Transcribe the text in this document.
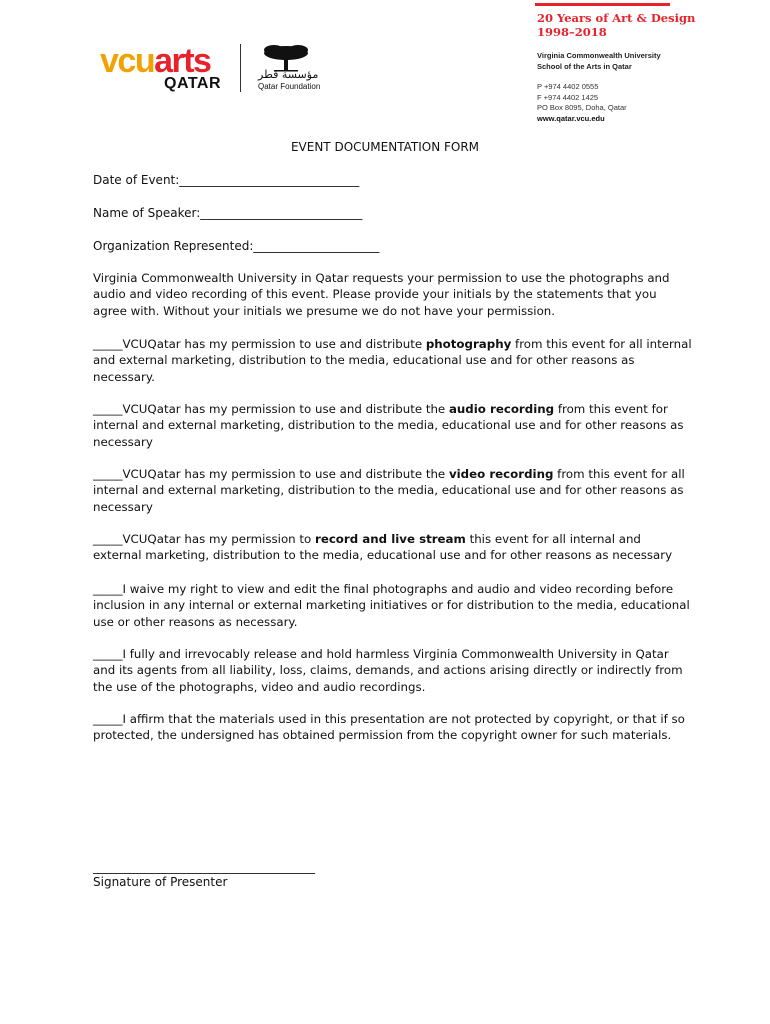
vcuarts
QATAR
مؤسسة قطر
Qatar Foundation
20 Years of Art & Design
1998–2018
Virginia Commonwealth University
School of the Arts in Qatar
P +974 4402 0555
F +974 4402 1425
PO Box 8095, Doha, Qatar
www.qatar.vcu.edu
EVENT DOCUMENTATION FORM
Date of Event:______________________________
Name of Speaker:___________________________
Organization Represented:_____________________
Virginia Commonwealth University in Qatar requests your permission to use the photographs and audio and video recording of this event. Please provide your initials by the statements that you agree with. Without your initials we presume we do not have your permission.
_____VCUQatar has my permission to use and distribute photography from this event for all internal and external marketing, distribution to the media, educational use and for other reasons as necessary.
_____VCUQatar has my permission to use and distribute the audio recording from this event for internal and external marketing, distribution to the media, educational use and for other reasons as necessary
_____VCUQatar has my permission to use and distribute the video recording from this event for all internal and external marketing, distribution to the media, educational use and for other reasons as necessary
_____VCUQatar has my permission to record and live stream this event for all internal and external marketing, distribution to the media, educational use and for other reasons as necessary
_____I waive my right to view and edit the final photographs and audio and video recording before inclusion in any internal or external marketing initiatives or for distribution to the media, educational use or other reasons as necessary.
_____I fully and irrevocably release and hold harmless Virginia Commonwealth University in Qatar and its agents from all liability, loss, claims, demands, and actions arising directly or indirectly from the use of the photographs, video and audio recordings.
_____I affirm that the materials used in this presentation are not protected by copyright, or that if so protected, the undersigned has obtained permission from the copyright owner for such materials.
_____________________________________
Signature of Presenter
